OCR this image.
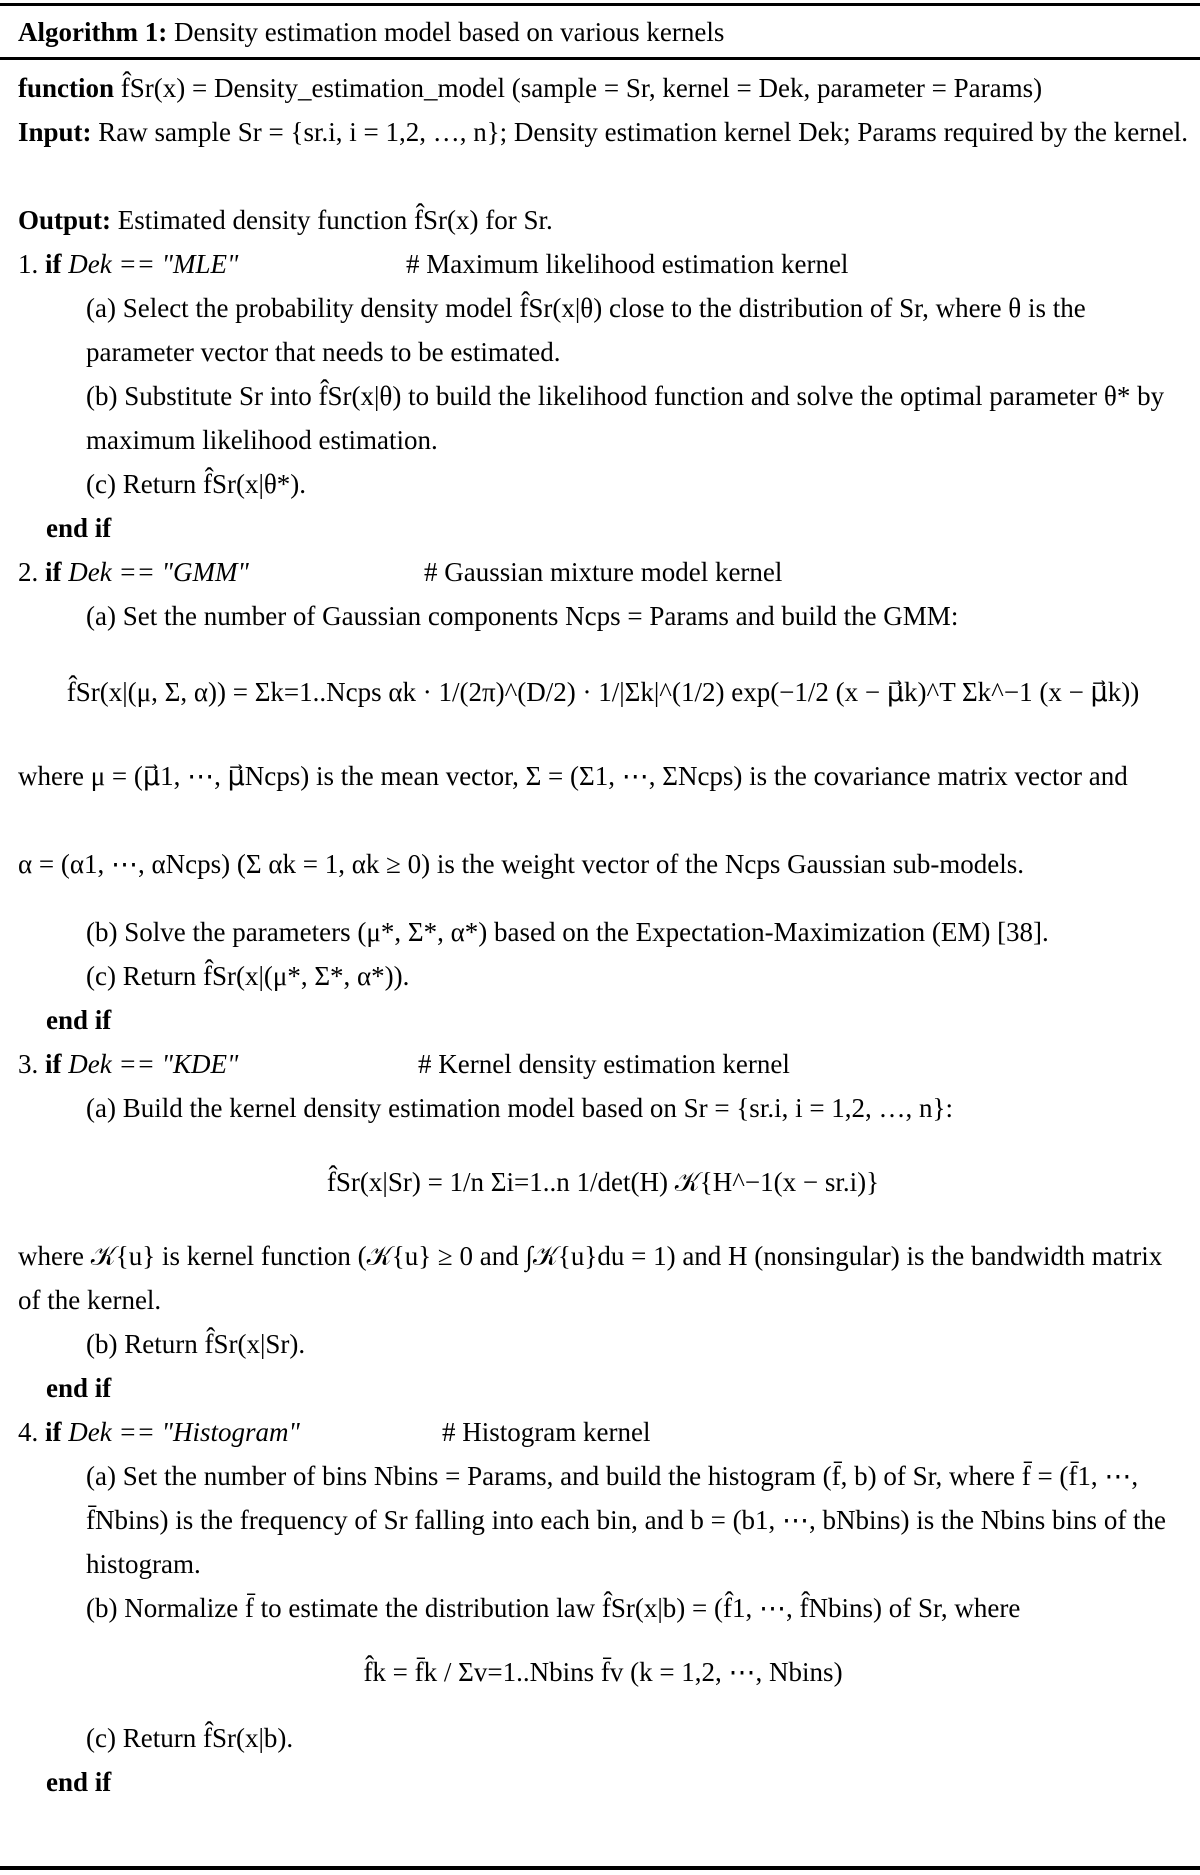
Algorithm 1: Density estimation model based on various kernels
function f̂Sr(x) = Density_estimation_model (sample = Sr, kernel = Dek, parameter = Params)
Input: Raw sample Sr = {sr.i, i = 1,2, …, n}; Density estimation kernel Dek; Params required by the kernel.
Output: Estimated density function f̂Sr(x) for Sr.
1. if Dek == "MLE"	# Maximum likelihood estimation kernel
(a) Select the probability density model f̂Sr(x|θ) close to the distribution of Sr, where θ is the parameter vector that needs to be estimated.
(b) Substitute Sr into f̂Sr(x|θ) to build the likelihood function and solve the optimal parameter θ* by maximum likelihood estimation.
(c) Return f̂Sr(x|θ*).
end if
2. if Dek == "GMM"	# Gaussian mixture model kernel
(a) Set the number of Gaussian components Ncps = Params and build the GMM:
f̂Sr(x|(μ, Σ, α)) = Σk=1..Ncps αk · 1/(2π)^(D/2) · 1/|Σk|^(1/2) exp(−1/2 (x − μ⃗k)^T Σk^−1 (x − μ⃗k))
where μ = (μ⃗1, ⋯, μ⃗Ncps) is the mean vector, Σ = (Σ1, ⋯, ΣNcps) is the covariance matrix vector and
α = (α1, ⋯, αNcps) (Σ αk = 1, αk ≥ 0) is the weight vector of the Ncps Gaussian sub-models.
(b) Solve the parameters (μ*, Σ*, α*) based on the Expectation-Maximization (EM) [38].
(c) Return f̂Sr(x|(μ*, Σ*, α*)).
end if
3. if Dek == "KDE"	# Kernel density estimation kernel
(a) Build the kernel density estimation model based on Sr = {sr.i, i = 1,2, …, n}:
f̂Sr(x|Sr) = 1/n Σi=1..n 1/det(H) 𝒦{H^−1(x − sr.i)}
where 𝒦{u} is kernel function (𝒦{u} ≥ 0 and ∫𝒦{u}du = 1) and H (nonsingular) is the bandwidth matrix of the kernel.
(b) Return f̂Sr(x|Sr).
end if
4. if Dek == "Histogram"	# Histogram kernel
(a) Set the number of bins Nbins = Params, and build the histogram (f̄, b) of Sr, where f̄ = (f̄1, ⋯, f̄Nbins) is the frequency of Sr falling into each bin, and b = (b1, ⋯, bNbins) is the Nbins bins of the histogram.
(b) Normalize f̄ to estimate the distribution law f̂Sr(x|b) = (f̂1, ⋯, f̂Nbins) of Sr, where
f̂k = f̄k / Σv=1..Nbins f̄v (k = 1,2, ⋯, Nbins)
(c) Return f̂Sr(x|b).
end if
